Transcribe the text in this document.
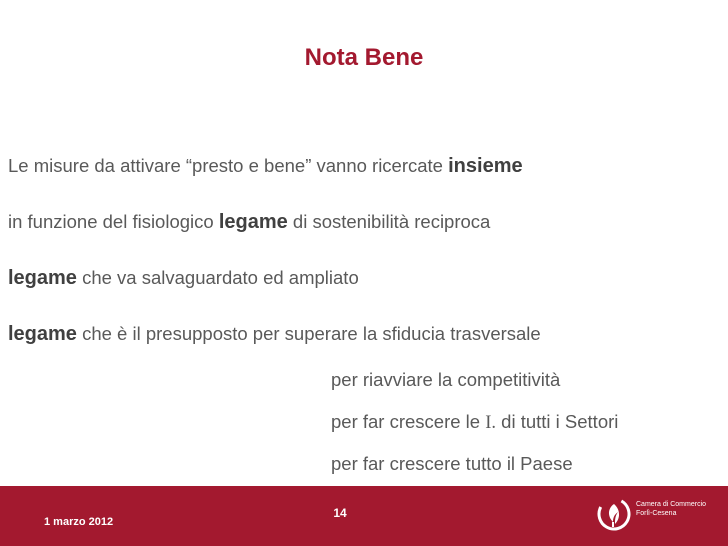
Nota Bene
Le misure da attivare “presto e bene” vanno ricercate insieme
in funzione del fisiologico legame di sostenibilità reciproca
legame che va salvaguardato ed ampliato
legame che è il presupposto per superare la sfiducia trasversale
per riavviare la competitività
per far crescere le I. di tutti i Settori
per far crescere tutto il Paese
1 marzo 2012
14
Camera di Commercio
Forlì-Cesena
